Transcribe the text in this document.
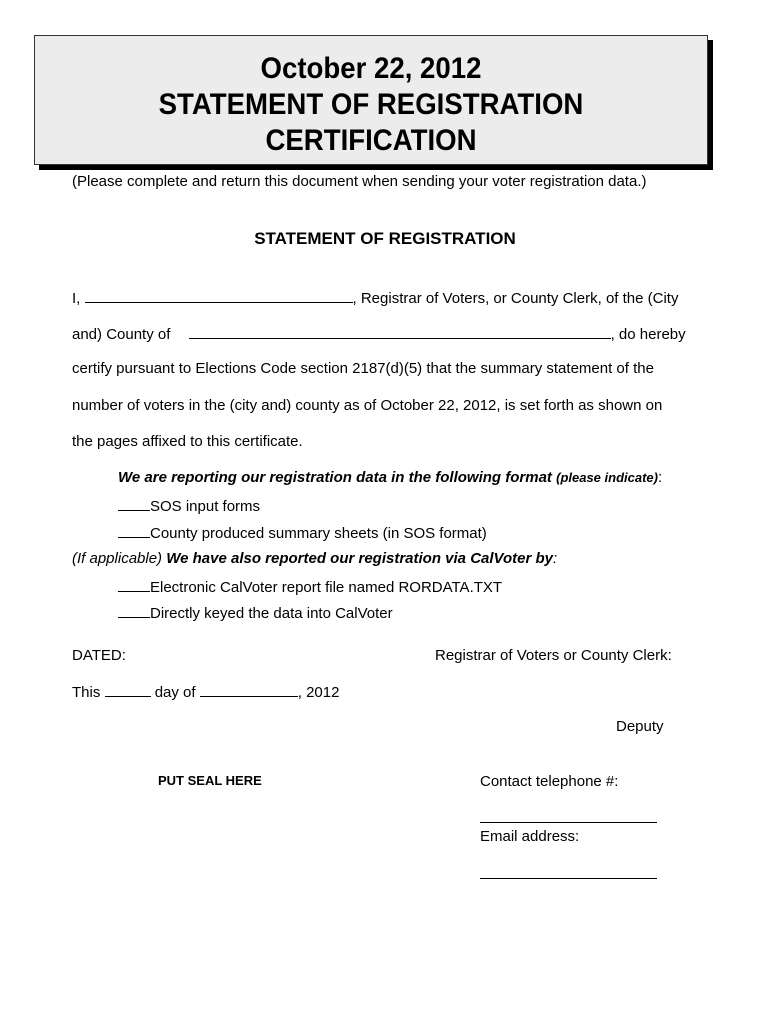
October 22, 2012
STATEMENT OF REGISTRATION
CERTIFICATION
(Please complete and return this document when sending your voter registration data.)
STATEMENT OF REGISTRATION
I,	, Registrar of Voters, or County Clerk, of the (City
and) County of	, do hereby
certify pursuant to Elections Code section 2187(d)(5) that the summary statement of the
number of voters in the (city and) county as of October 22, 2012, is set forth as shown on
the pages affixed to this certificate.
We are reporting our registration data in the following format (please indicate):
SOS input forms
County produced summary sheets (in SOS format)
(If applicable) We have also reported our registration via CalVoter by:
Electronic CalVoter report file named RORDATA.TXT
Directly keyed the data into CalVoter
DATED:	Registrar of Voters or County Clerk:
This	day of	, 2012
Deputy
PUT SEAL HERE	Contact telephone #:
Email address:
